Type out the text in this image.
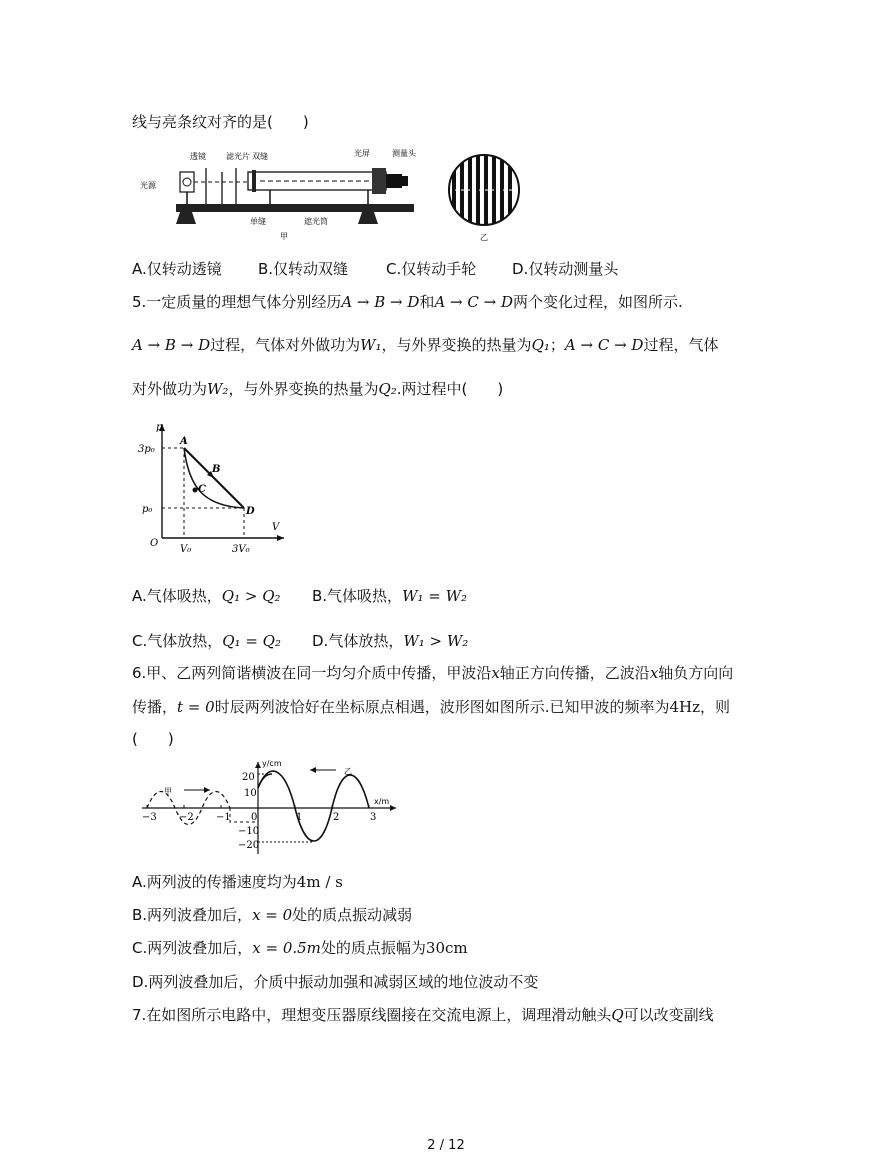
线与亮条纹对齐的是(　　)
透镜	滤光片 双缝	光屏	测量头
光源
单缝	遮光筒
甲	乙
A.仅转动透镜 B.仅转动双缝	C.仅转动手轮 D.仅转动测量头
5.一定质量的理想气体分别经历A → B → D和A → C → D两个变化过程，如图所示.
A → B → D过程，气体对外做功为W₁，与外界变换的热量为Q₁；A → C → D过程，气体
对外做功为W₂，与外界变换的热量为Q₂.两过程中(　　)
p
V
O
3p₀
p₀
V₀	3V₀
A
B
C
D
A.气体吸热，Q₁ > Q₂ B.气体吸热，W₁ = W₂
C.气体放热，Q₁ = Q₂ D.气体放热，W₁ > W₂
6.甲、乙两列简谐横波在同一均匀介质中传播，甲波沿x轴正方向传播，乙波沿x轴负方向向
传播，t = 0时辰两列波恰好在坐标原点相遇，波形图如图所示.已知甲波的频率为4Hz，则
(　　)
y/cm
x/m
甲
乙
−3 −2 −1 0	1	2	3
20
10
−10
−20
A.两列波的传播速度均为4m / s
B.两列波叠加后，x = 0处的质点振动减弱
C.两列波叠加后，x = 0.5m处的质点振幅为30cm
D.两列波叠加后，介质中振动加强和减弱区域的地位波动不变
7.在如图所示电路中，理想变压器原线圈接在交流电源上，调理滑动触头Q可以改变副线
2 / 12
